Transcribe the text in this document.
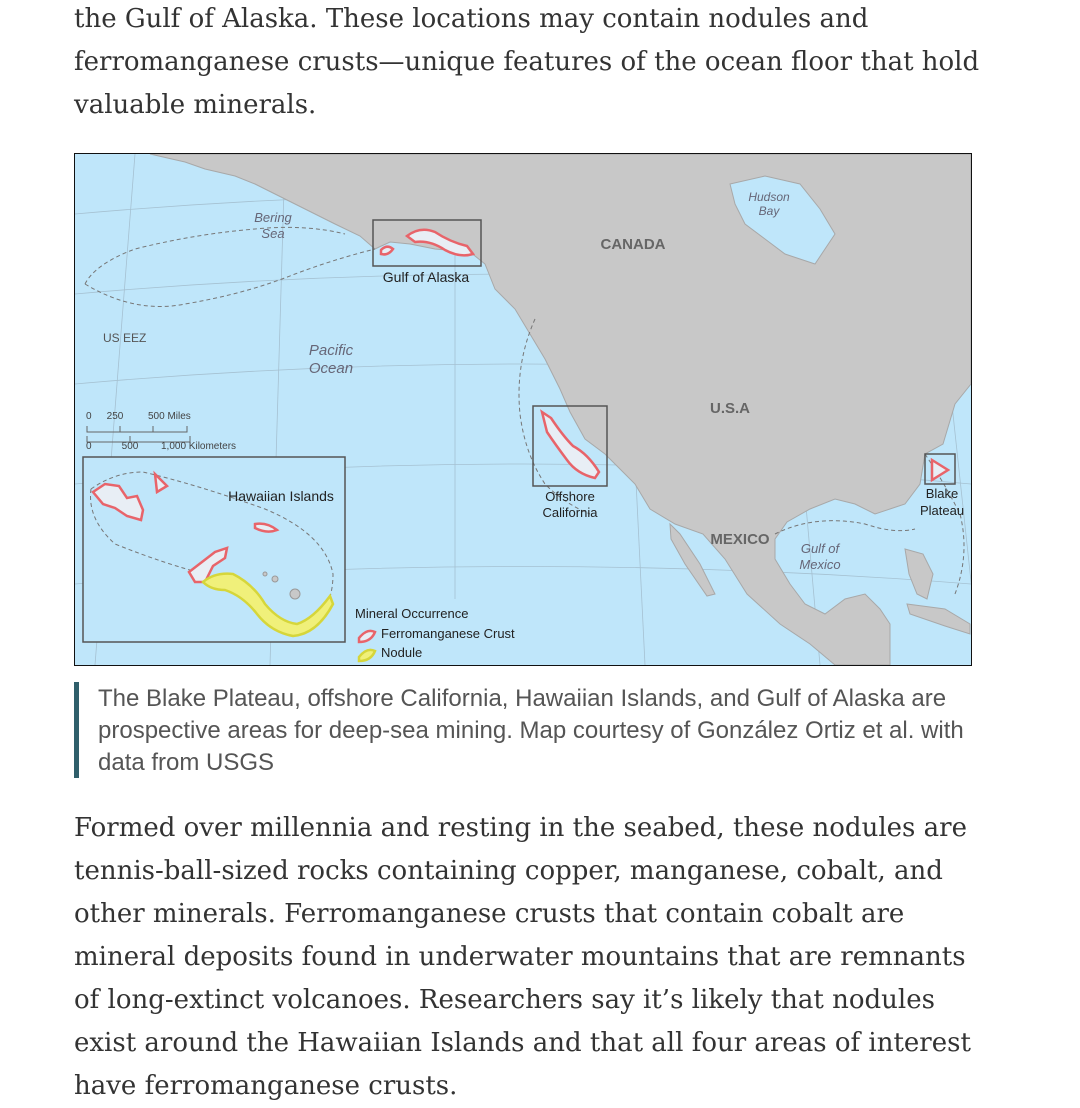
the Gulf of Alaska. These locations may contain nodules and ferromanganese crusts—unique features of the ocean floor that hold valuable minerals.

Gulf of Alaska
Offshore
California
Blake
Plateau
Hawaiian Islands
Bering
Sea
CANADA
Hudson
Bay
US EEZ
Pacific
Ocean
U.S.A
MEXICO
Gulf of
Mexico
0 250 500 Miles
0	500 1,000 Kilometers
Mineral Occurrence
Ferromanganese Crust
Nodule

The Blake Plateau, offshore California, Hawaiian Islands, and Gulf of Alaska are prospective areas for deep-sea mining. Map courtesy of González Ortiz et al. with data from USGS

Formed over millennia and resting in the seabed, these nodules are tennis-ball-sized rocks containing copper, manganese, cobalt, and other minerals. Ferromanganese crusts that contain cobalt are mineral deposits found in underwater mountains that are remnants of long-extinct volcanoes. Researchers say it’s likely that nodules exist around the Hawaiian Islands and that all four areas of interest have ferromanganese crusts.
